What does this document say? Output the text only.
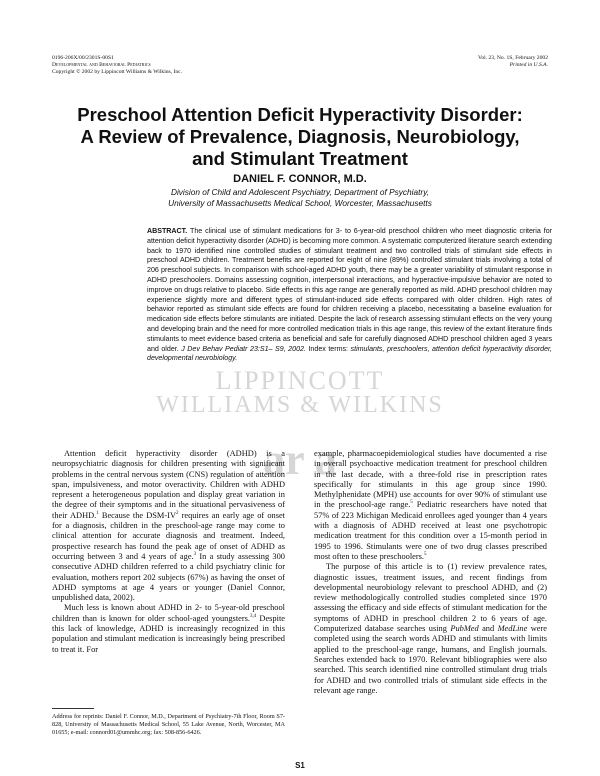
0196-206X/00/2301S-00S1
Developmental and Behavioral Pediatrics
Copyright © 2002 by Lippincott Williams & Wilkins, Inc.
Vol. 23, No. 1S, February 2002
Printed in U.S.A.
Preschool Attention Deficit Hyperactivity Disorder:
A Review of Prevalence, Diagnosis, Neurobiology,
and Stimulant Treatment
DANIEL F. CONNOR, M.D.
Division of Child and Adolescent Psychiatry, Department of Psychiatry,
University of Massachusetts Medical School, Worcester, Massachusetts
ABSTRACT. The clinical use of stimulant medications for 3- to 6-year-old preschool children who meet diagnostic criteria for attention deficit hyperactivity disorder (ADHD) is becoming more common. A systematic computerized literature search extending back to 1970 identified nine controlled studies of stimulant treatment and two controlled trials of stimulant side effects in preschool ADHD children. Treatment benefits are reported for eight of nine (89%) controlled stimulant trials involving a total of 206 preschool subjects. In comparison with school-aged ADHD youth, there may be a greater variability of stimulant response in ADHD preschoolers. Domains assessing cognition, interpersonal interactions, and hyperactive-impulsive behavior are noted to improve on drugs relative to placebo. Side effects in this age range are generally reported as mild. ADHD preschool children may experience slightly more and different types of stimulant-induced side effects compared with older children. High rates of behavior reported as stimulant side effects are found for children receiving a placebo, necessitating a baseline evaluation for medication side effects before stimulants are initiated. Despite the lack of research assessing stimulant effects on the very young and developing brain and the need for more controlled medication trials in this age range, this review of the extant literature finds stimulants to meet evidence based criteria as beneficial and safe for carefully diagnosed ADHD preschool children aged 3 years and older. J Dev Behav Pediatr 23:S1– S9, 2002. Index terms: stimulants, preschoolers, attention deficit hyperactivity disorder, developmental neurobiology.
LIPPINCOTT
WILLIAMS & WILKINS
ar a

Attention deficit hyperactivity disorder (ADHD) is a neuropsychiatric diagnosis for children presenting with significant problems in the central nervous system (CNS) regulation of attention span, impulsiveness, and motor overactivity. Children with ADHD represent a heterogeneous population and display great variation in the degree of their symptoms and in the situational pervasiveness of their ADHD.$^1$ Because the DSM-$IV^2$ requires an early age of onset for a diagnosis, children in the preschool-age range may come to clinical attention for accurate diagnosis and treatment. Indeed, prospective research has found the peak age of onset of ADHD as occurring between 3 and 4 years of age.$^3$ In a study assessing 300 consecutive ADHD children referred to a child psychiatry clinic for evaluation, mothers report 202 subjects (67%) as having the onset of ADHD symptoms at age 4 years or younger (Daniel Connor, unpublished data, 2002).

Much less is known about ADHD in 2- to 5-year-old preschool children than is known for older school-aged youngsters.$^{3,4}$ Despite this lack of knowledge, ADHD is increasingly recognized in this population and stimulant medication is increasingly being prescribed to treat it. For

example, pharmacoepidemiological studies have documented a rise in overall psychoactive medication treatment for preschool children in the last decade, with a three-fold rise in prescription rates specifically for stimulants in this age group since 1990. Methylphenidate (MPH) use accounts for over 90% of stimulant use in the preschool-age range.$^5$ Pediatric researchers have noted that 57% of 223 Michigan Medicaid enrollees aged younger than 4 years with a diagnosis of ADHD received at least one psychotropic medication treatment for this condition over a 15-month period in 1995 to 1996. Stimulants were one of two drug classes prescribed most often to these preschoolers.$^5$

The purpose of this article is to (1) review prevalence rates, diagnostic issues, treatment issues, and recent findings from developmental neurobiology relevant to preschool ADHD, and (2) review methodologically controlled studies completed since 1970 assessing the efficacy and side effects of stimulant medication for the symptoms of ADHD in preschool children 2 to 6 years of age. Computerized database searches using PubMed and MedLine were completed using the search words ADHD and stimulants with limits applied to the preschool-age range, humans, and English journals. Searches extended back to 1970. Relevant bibliographies were also searched. This search identified nine controlled stimulant drug trials for ADHD and two controlled trials of stimulant side effects in the relevant age range.

Address for reprints: Daniel F. Connor, M.D., Department of Psychiatry-7th Floor, Room S7-828, University of Massachusetts Medical School, 55 Lake Avenue, North, Worcester, MA 01655; e-mail: connord01@ummhc.org; fax: 508-856-6426.
S1
